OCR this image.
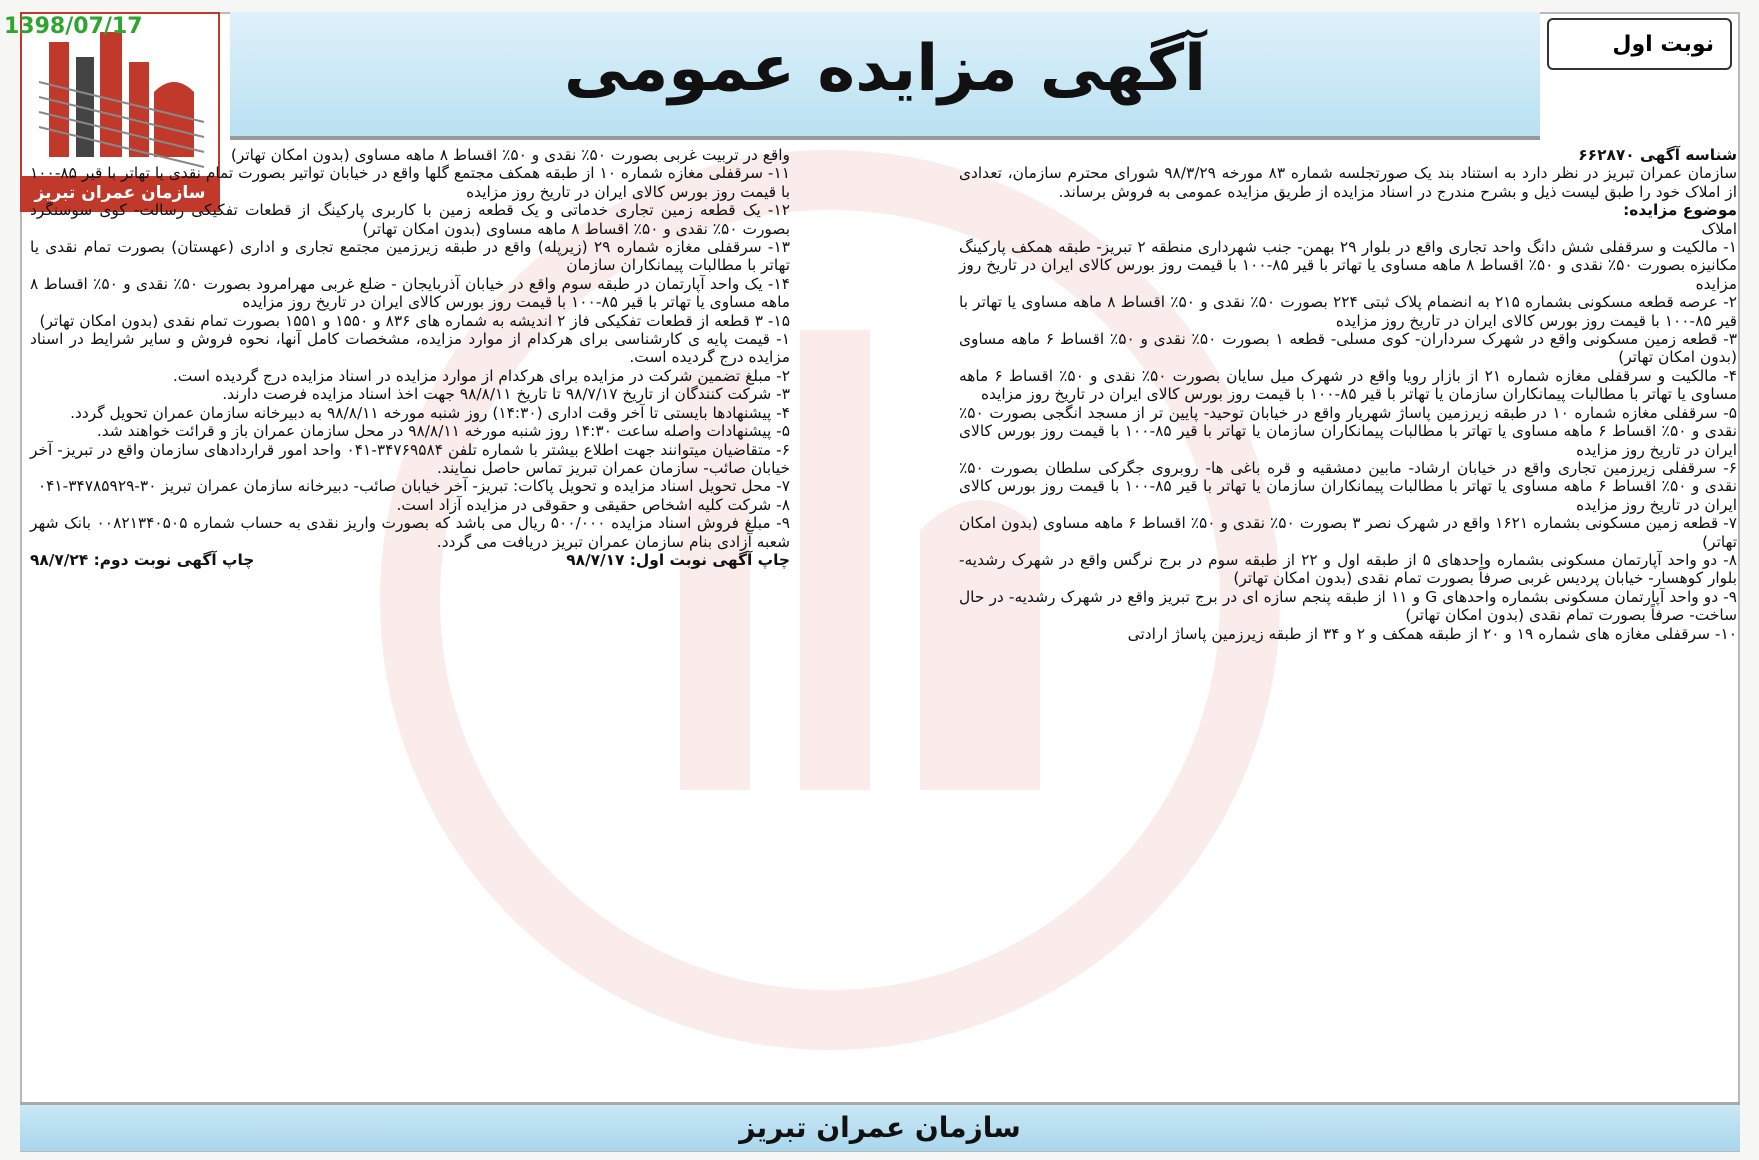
1398/07/17
سازمان عمران تبریز
آگهی مزایده عمومی	نوبت اول

شناسه آگهی ۶۶۲۸۷۰

سازمان عمران تبریز در نظر دارد به استناد بند یک صورتجلسه شماره ۸۳ مورخه ۹۸/۳/۲۹ شورای محترم سازمان، تعدادی از املاک خود را طبق لیست ذیل و بشرح مندرج در اسناد مزایده از طریق مزایده عمومی به فروش برساند.

موضوع مزایده:

املاک

۱- مالکیت و سرقفلی شش دانگ واحد تجاری واقع در بلوار ۲۹ بهمن- جنب شهرداری منطقه ۲ تبریز- طبقه همکف پارکینگ مکانیزه بصورت ۵۰٪ نقدی و ۵۰٪ اقساط ۸ ماهه مساوی یا تهاتر با قیر ۸۵-۱۰۰ با قیمت روز بورس کالای ایران در تاریخ روز مزایده

۲- عرصه قطعه مسکونی بشماره ۲۱۵ به انضمام پلاک ثبتی ۲۲۴ بصورت ۵۰٪ نقدی و ۵۰٪ اقساط ۸ ماهه مساوی یا تهاتر با قیر ۸۵-۱۰۰ با قیمت روز بورس کالای ایران در تاریخ روز مزایده

۳- قطعه زمین مسکونی واقع در شهرک سرداران- کوی مسلی- قطعه ۱ بصورت ۵۰٪ نقدی و ۵۰٪ اقساط ۶ ماهه مساوی (بدون امکان تهاتر)

۴- مالکیت و سرقفلی مغازه شماره ۲۱ از بازار رویا واقع در شهرک میل سایان بصورت ۵۰٪ نقدی و ۵۰٪ اقساط ۶ ماهه مساوی یا تهاتر با مطالبات پیمانکاران سازمان یا تهاتر با قیر ۸۵-۱۰۰ با قیمت روز بورس کالای ایران در تاریخ روز مزایده

۵- سرقفلی مغازه شماره ۱۰ در طبقه زیرزمین پاساژ شهریار واقع در خیابان توحید- پایین تر از مسجد انگجی بصورت ۵۰٪ نقدی و ۵۰٪ اقساط ۶ ماهه مساوی یا تهاتر با مطالبات پیمانکاران سازمان یا تهاتر با قیر ۸۵-۱۰۰ با قیمت روز بورس کالای ایران در تاریخ روز مزایده

۶- سرقفلی زیرزمین تجاری واقع در خیابان ارشاد- مابین دمشقیه و قره باغی ها- روبروی جگرکی سلطان بصورت ۵۰٪ نقدی و ۵۰٪ اقساط ۶ ماهه مساوی یا تهاتر با مطالبات پیمانکاران سازمان یا تهاتر با قیر ۸۵-۱۰۰ با قیمت روز بورس کالای ایران در تاریخ روز مزایده

۷- قطعه زمین مسکونی بشماره ۱۶۲۱ واقع در شهرک نصر ۳ بصورت ۵۰٪ نقدی و ۵۰٪ اقساط ۶ ماهه مساوی (بدون امکان تهاتر)

۸- دو واحد آپارتمان مسکونی بشماره واحدهای ۵ از طبقه اول و ۲۲ از طبقه سوم در برج نرگس واقع در شهرک رشدیه- بلوار کوهسار- خیابان پردیس غربی صرفاً بصورت تمام نقدی (بدون امکان تهاتر)

۹- دو واحد آپارتمان مسکونی بشماره واحدهای G و ۱۱ از طبقه پنجم سازه ای در برج تبریز واقع در شهرک رشدیه- در حال ساخت- صرفاً بصورت تمام نقدی (بدون امکان تهاتر)

۱۰- سرقفلی مغازه های شماره ۱۹ و ۲۰ از طبقه همکف و ۲ و ۳۴ از طبقه زیرزمین پاساژ ارادتی

واقع در تربیت غربی بصورت ۵۰٪ نقدی و ۵۰٪ اقساط ۸ ماهه مساوی (بدون امکان تهاتر)

۱۱- سرقفلی مغازه شماره ۱۰ از طبقه همکف مجتمع گلها واقع در خیابان تواتیر بصورت تمام نقدی یا تهاتر با قیر ۸۵-۱۰۰ با قیمت روز بورس کالای ایران در تاریخ روز مزایده

۱۲- یک قطعه زمین تجاری خدماتی و یک قطعه زمین با کاربری پارکینگ از قطعات تفکیکی رسالت- کوی سوسنگرد بصورت ۵۰٪ نقدی و ۵۰٪ اقساط ۸ ماهه مساوی (بدون امکان تهاتر)

۱۳- سرقفلی مغازه شماره ۲۹ (زیرپله) واقع در طبقه زیرزمین مجتمع تجاری و اداری (عهستان) بصورت تمام نقدی یا تهاتر با مطالبات پیمانکاران سازمان

۱۴- یک واحد آپارتمان در طبقه سوم واقع در خیابان آذربایجان - ضلع غربی مهرامرود بصورت ۵۰٪ نقدی و ۵۰٪ اقساط ۸ ماهه مساوی یا تهاتر با قیر ۸۵-۱۰۰ با قیمت روز بورس کالای ایران در تاریخ روز مزایده

۱۵- ۳ قطعه از قطعات تفکیکی فاز ۲ اندیشه به شماره های ۸۳۶ و ۱۵۵۰ و ۱۵۵۱ بصورت تمام نقدی (بدون امکان تهاتر)

۱- قیمت پایه ی کارشناسی برای هرکدام از موارد مزایده، مشخصات کامل آنها، نحوه فروش و سایر شرایط در اسناد مزایده درج گردیده است.

۲- مبلغ تضمین شرکت در مزایده برای هرکدام از موارد مزایده در اسناد مزایده درج گردیده است.

۳- شرکت کنندگان از تاریخ ۹۸/۷/۱۷ تا تاریخ ۹۸/۸/۱۱ جهت اخذ اسناد مزایده فرصت دارند.

۴- پیشنهادها بایستی تا آخر وقت اداری (۱۴:۳۰) روز شنبه مورخه ۹۸/۸/۱۱ به دبیرخانه سازمان عمران تحویل گردد.

۵- پیشنهادات واصله ساعت ۱۴:۳۰ روز شنبه مورخه ۹۸/۸/۱۱ در محل سازمان عمران باز و قرائت خواهند شد.

۶- متقاضیان میتوانند جهت اطلاع بیشتر با شماره تلفن ۳۴۷۶۹۵۸۴-۰۴۱ واحد امور قراردادهای سازمان واقع در تبریز- آخر خیابان صائب- سازمان عمران تبریز تماس حاصل نمایند.

۷- محل تحویل اسناد مزایده و تحویل پاکات: تبریز- آخر خیابان صائب- دبیرخانه سازمان عمران تبریز ۳۰-۳۴۷۸۵۹۲۹-۰۴۱

۸- شرکت کلیه اشخاص حقیقی و حقوقی در مزایده آزاد است.

۹- مبلغ فروش اسناد مزایده ۵۰۰/۰۰۰ ریال می باشد که بصورت واریز نقدی به حساب شماره ۰۰۸۲۱۳۴۰۵۰۵ بانک شهر شعبه آزادی بنام سازمان عمران تبریز دریافت می گردد.

چاپ آگهی نوبت اول: ۹۸/۷/۱۷
چاپ آگهی نوبت دوم: ۹۸/۷/۲۴
سازمان عمران تبریز
